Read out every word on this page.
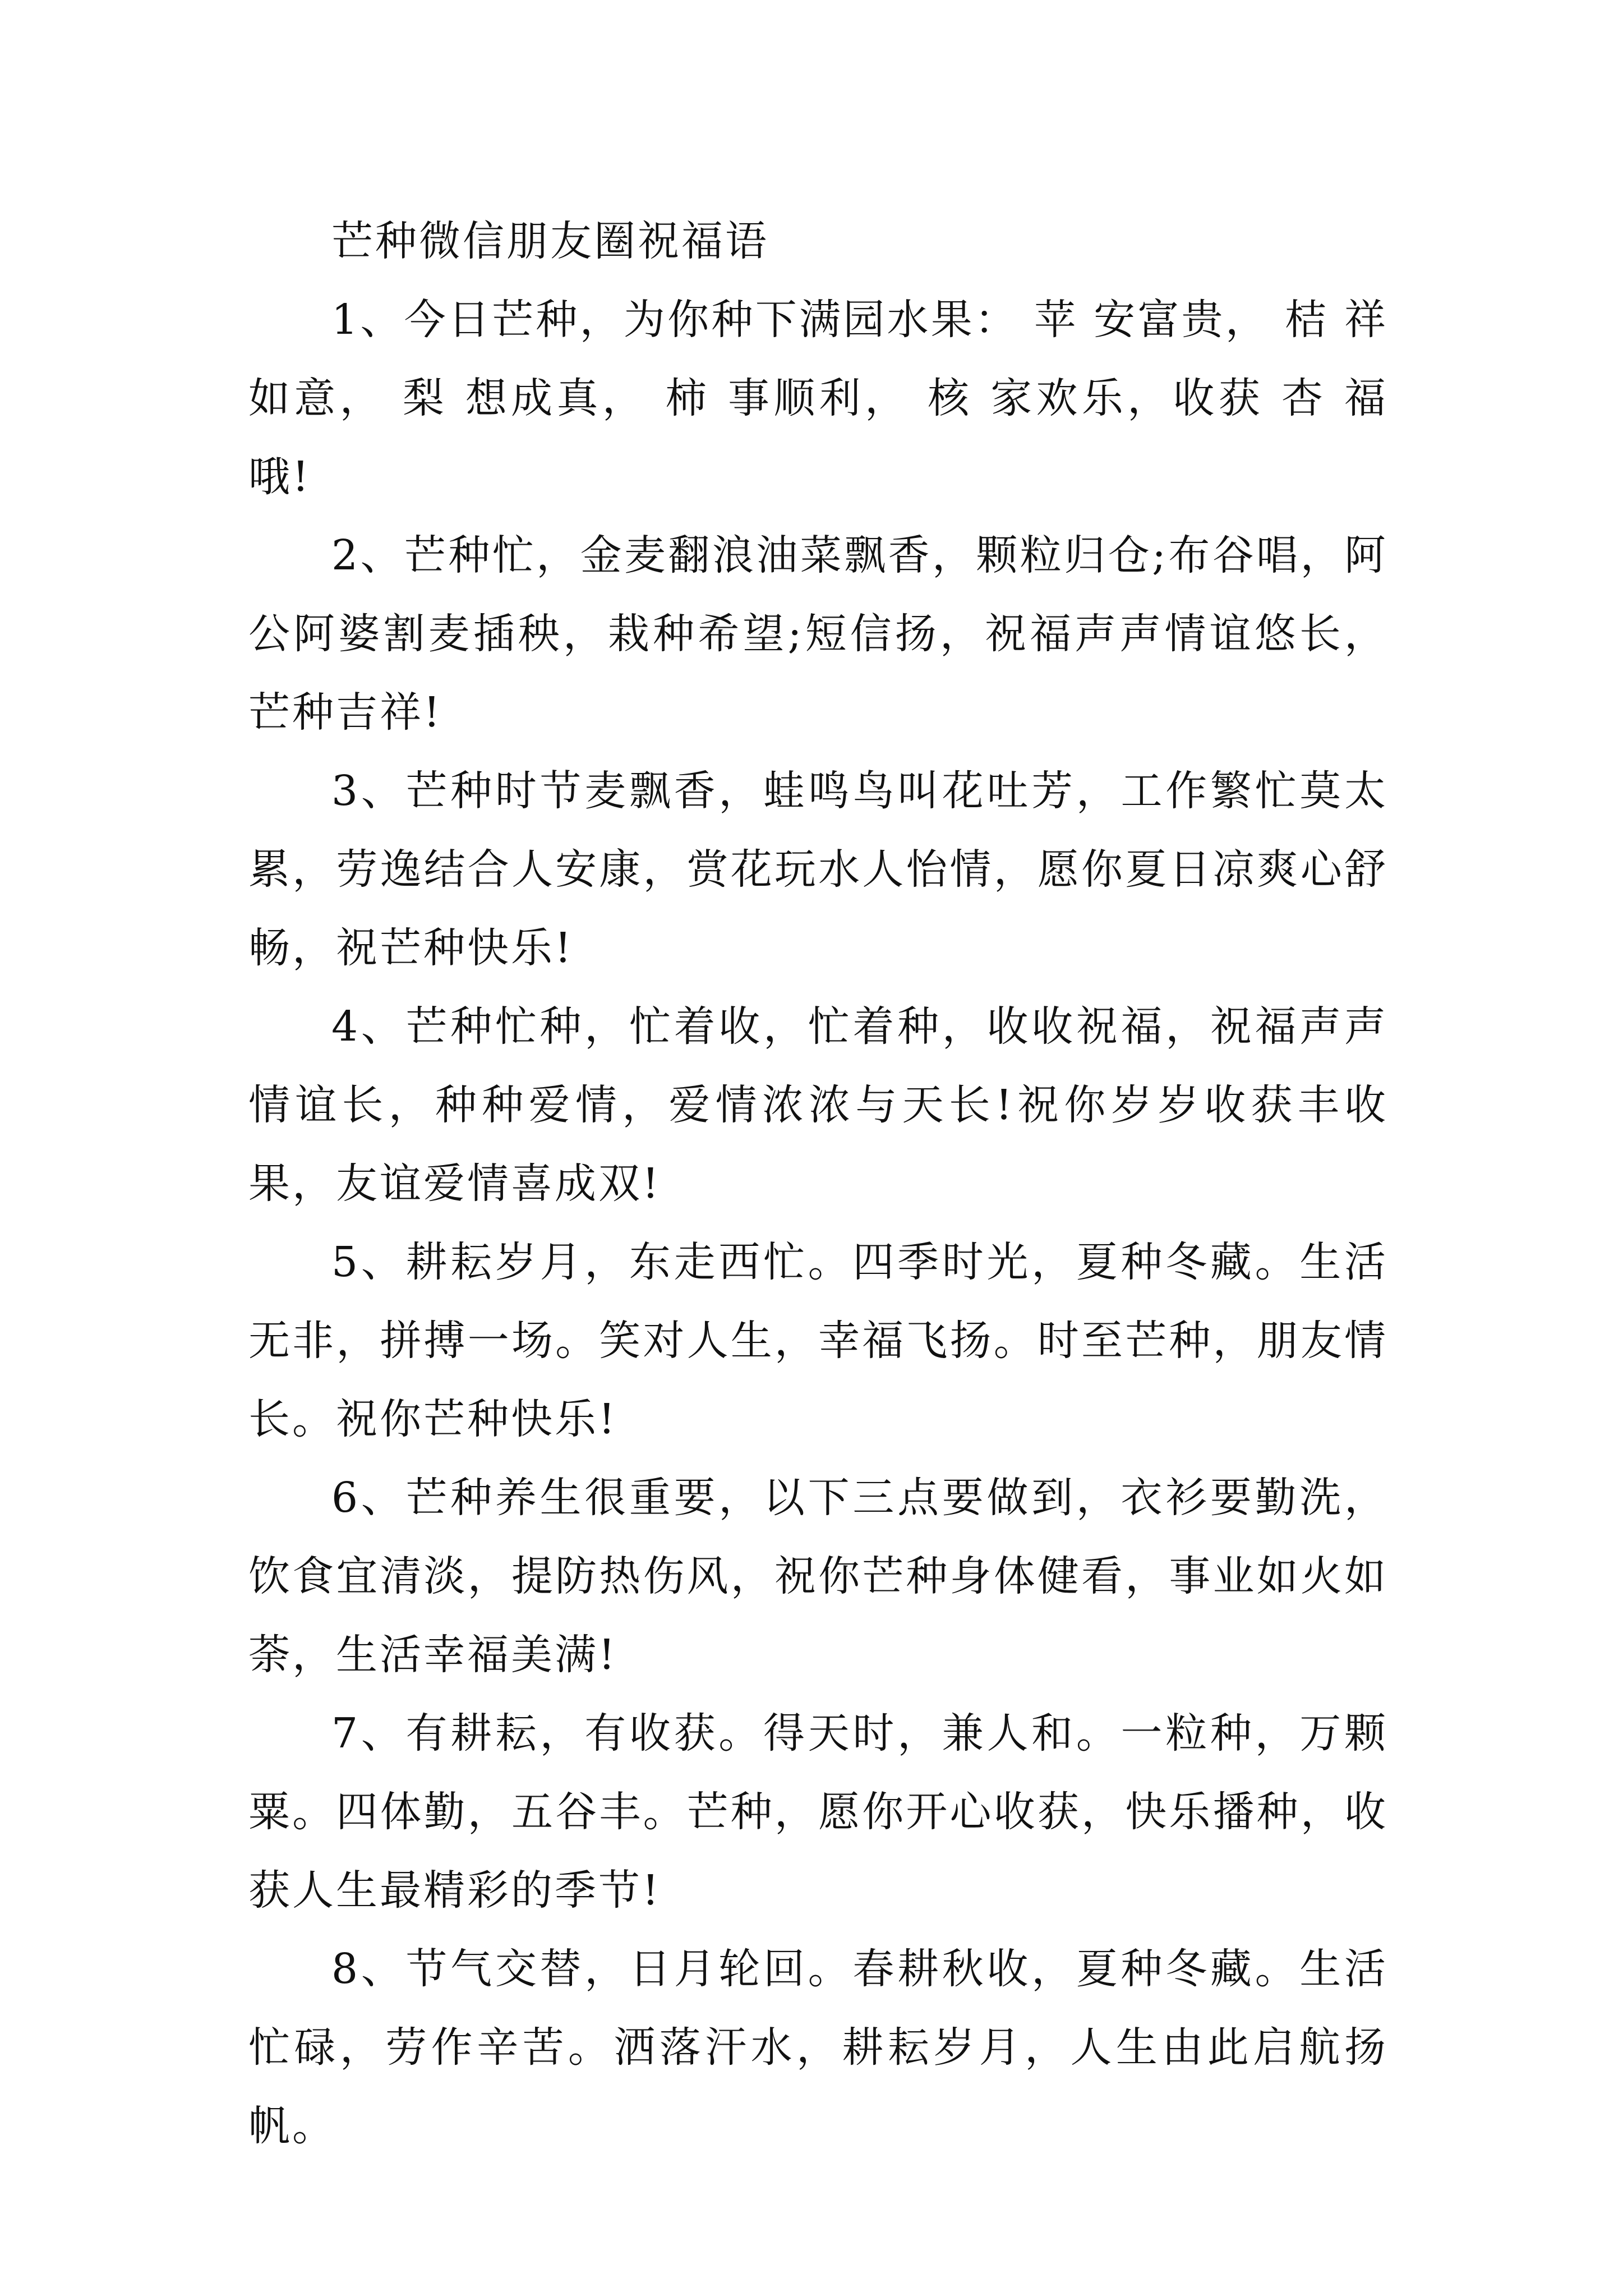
芒种微信朋友圈祝福语

1、今日芒种，为你种下满园水果： 苹 安富贵， 桔 祥如意， 梨 想成真， 柿 事顺利， 核 家欢乐，收获 杏 福哦!

2、芒种忙，金麦翻浪油菜飘香，颗粒归仓;布谷唱，阿公阿婆割麦插秧，栽种希望;短信扬，祝福声声情谊悠长，芒种吉祥!

3、芒种时节麦飘香，蛙鸣鸟叫花吐芳，工作繁忙莫太累，劳逸结合人安康，赏花玩水人怡情，愿你夏日凉爽心舒畅，祝芒种快乐!

4、芒种忙种，忙着收，忙着种，收收祝福，祝福声声情谊长，种种爱情，爱情浓浓与天长!祝你岁岁收获丰收果，友谊爱情喜成双!

5、耕耘岁月，东走西忙。四季时光，夏种冬藏。生活无非，拼搏一场。笑对人生，幸福飞扬。时至芒种，朋友情长。祝你芒种快乐!

6、芒种养生很重要，以下三点要做到，衣衫要勤洗，饮食宜清淡，提防热伤风，祝你芒种身体健看，事业如火如荼，生活幸福美满!

7、有耕耘，有收获。得天时，兼人和。一粒种，万颗粟。四体勤，五谷丰。芒种，愿你开心收获，快乐播种，收获人生最精彩的季节!

8、节气交替，日月轮回。春耕秋收，夏种冬藏。生活忙碌，劳作辛苦。洒落汗水，耕耘岁月，人生由此启航扬帆。
